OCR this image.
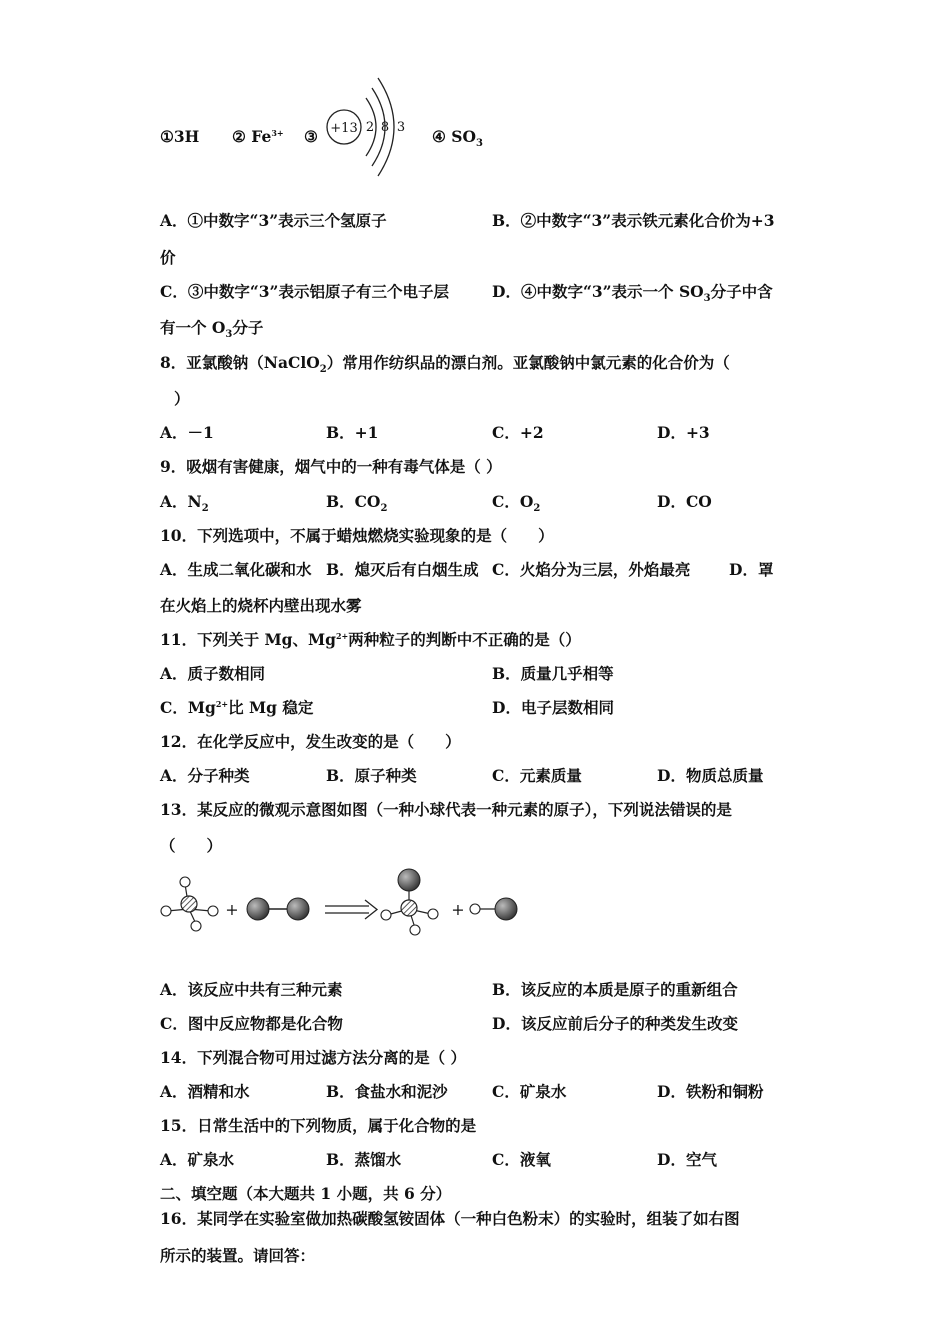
①3H ② $Fe^{3+}$ ③ +13 2 8 3 ④ $SO_3$
A．①中数字“3”表示三个氢原子	B．②中数字“3”表示铁元素化合价为+3
价
C．③中数字“3”表示铝原子有三个电子层	D．④中数字“3”表示一个 $SO_3$分子中含
有一个 $O_3$分子
8．亚氯酸钠（NaClO$_2$）常用作纺织品的漂白剂。亚氯酸钠中氯元素的化合价为（
）
A．－1	B．+1	C．+2	D．+3
9．吸烟有害健康，烟气中的一种有毒气体是（ ）
A．$N_2$	B．$CO_2$	C．$O_2$	D．CO
10．下列选项中，不属于蜡烛燃烧实验现象的是（　　）
A．生成二氧化碳和水 B．熄灭后有白烟生成 C．火焰分为三层，外焰最亮 D．罩
在火焰上的烧杯内壁出现水雾
11．下列关于 Mg、$Mg^{2+}$两种粒子的判断中不正确的是（）
A．质子数相同	B．质量几乎相等
C．$Mg^{2+}$比 Mg 稳定	D．电子层数相同
12．在化学反应中，发生改变的是（　　）
A．分子种类	B．原子种类	C．元素质量	D．物质总质量
13．某反应的微观示意图如图（一种小球代表一种元素的原子），下列说法错误的是
（　　）
+	+
A．该反应中共有三种元素	B．该反应的本质是原子的重新组合
C．图中反应物都是化合物	D．该反应前后分子的种类发生改变
14．下列混合物可用过滤方法分离的是（ ）
A．酒精和水	B．食盐水和泥沙	C．矿泉水	D．铁粉和铜粉
15．日常生活中的下列物质，属于化合物的是
A．矿泉水	B．蒸馏水	C．液氧	D．空气
二、填空题（本大题共 1 小题，共 6 分）
16．某同学在实验室做加热碳酸氢铵固体（一种白色粉末）的实验时，组装了如右图
所示的装置。请回答：
